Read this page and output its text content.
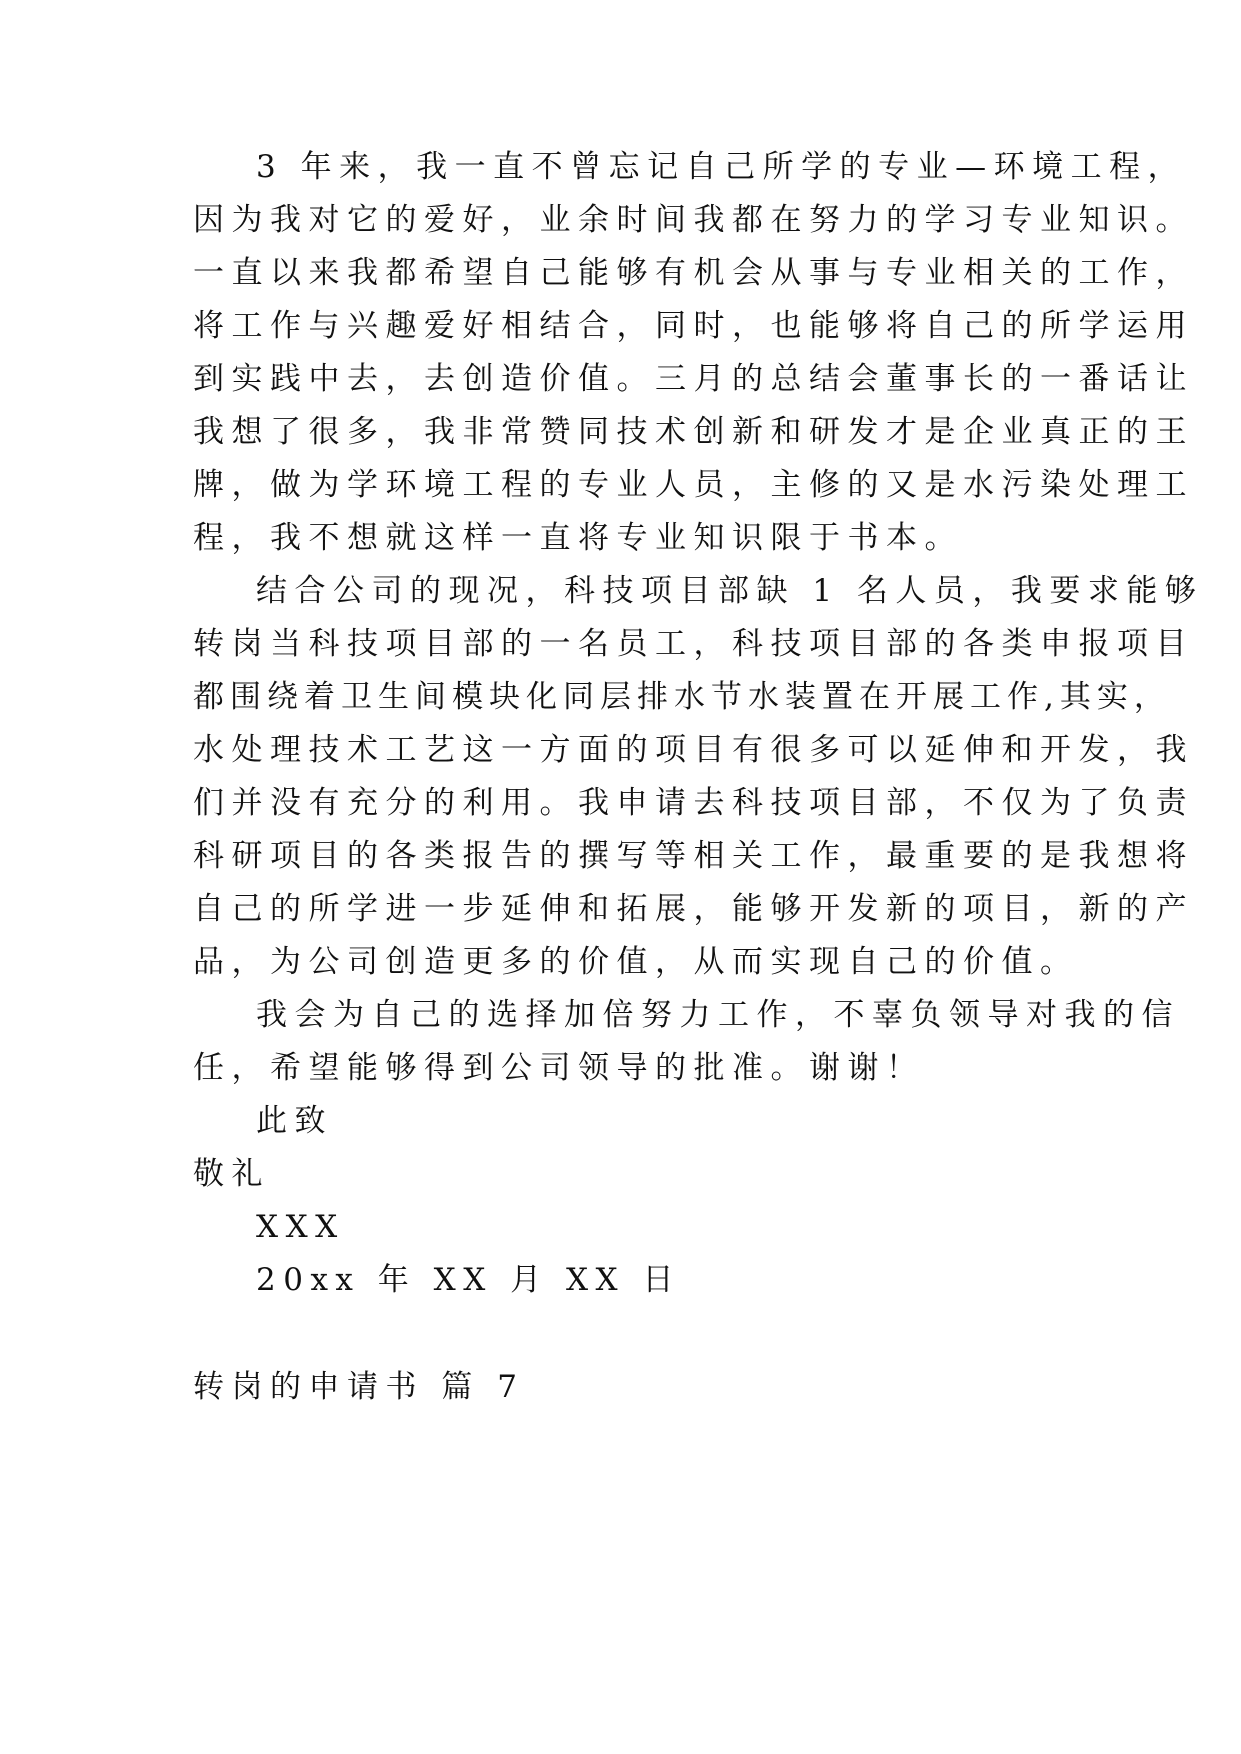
3 年来，我一直不曾忘记自己所学的专业—环境工程，
因为我对它的爱好，业余时间我都在努力的学习专业知识。
一直以来我都希望自己能够有机会从事与专业相关的工作，
将工作与兴趣爱好相结合，同时，也能够将自己的所学运用
到实践中去，去创造价值。三月的总结会董事长的一番话让
我想了很多，我非常赞同技术创新和研发才是企业真正的王
牌，做为学环境工程的专业人员，主修的又是水污染处理工
程，我不想就这样一直将专业知识限于书本。
结合公司的现况，科技项目部缺 1 名人员，我要求能够
转岗当科技项目部的一名员工，科技项目部的各类申报项目
都围绕着卫生间模块化同层排水节水装置在开展工作,其实，
水处理技术工艺这一方面的项目有很多可以延伸和开发，我
们并没有充分的利用。我申请去科技项目部，不仅为了负责
科研项目的各类报告的撰写等相关工作，最重要的是我想将
自己的所学进一步延伸和拓展，能够开发新的项目，新的产
品，为公司创造更多的价值，从而实现自己的价值。
我会为自己的选择加倍努力工作，不辜负领导对我的信
任，希望能够得到公司领导的批准。谢谢！
此致
敬礼
XXX
20xx 年 XX 月 XX 日
转岗的申请书 篇 7
